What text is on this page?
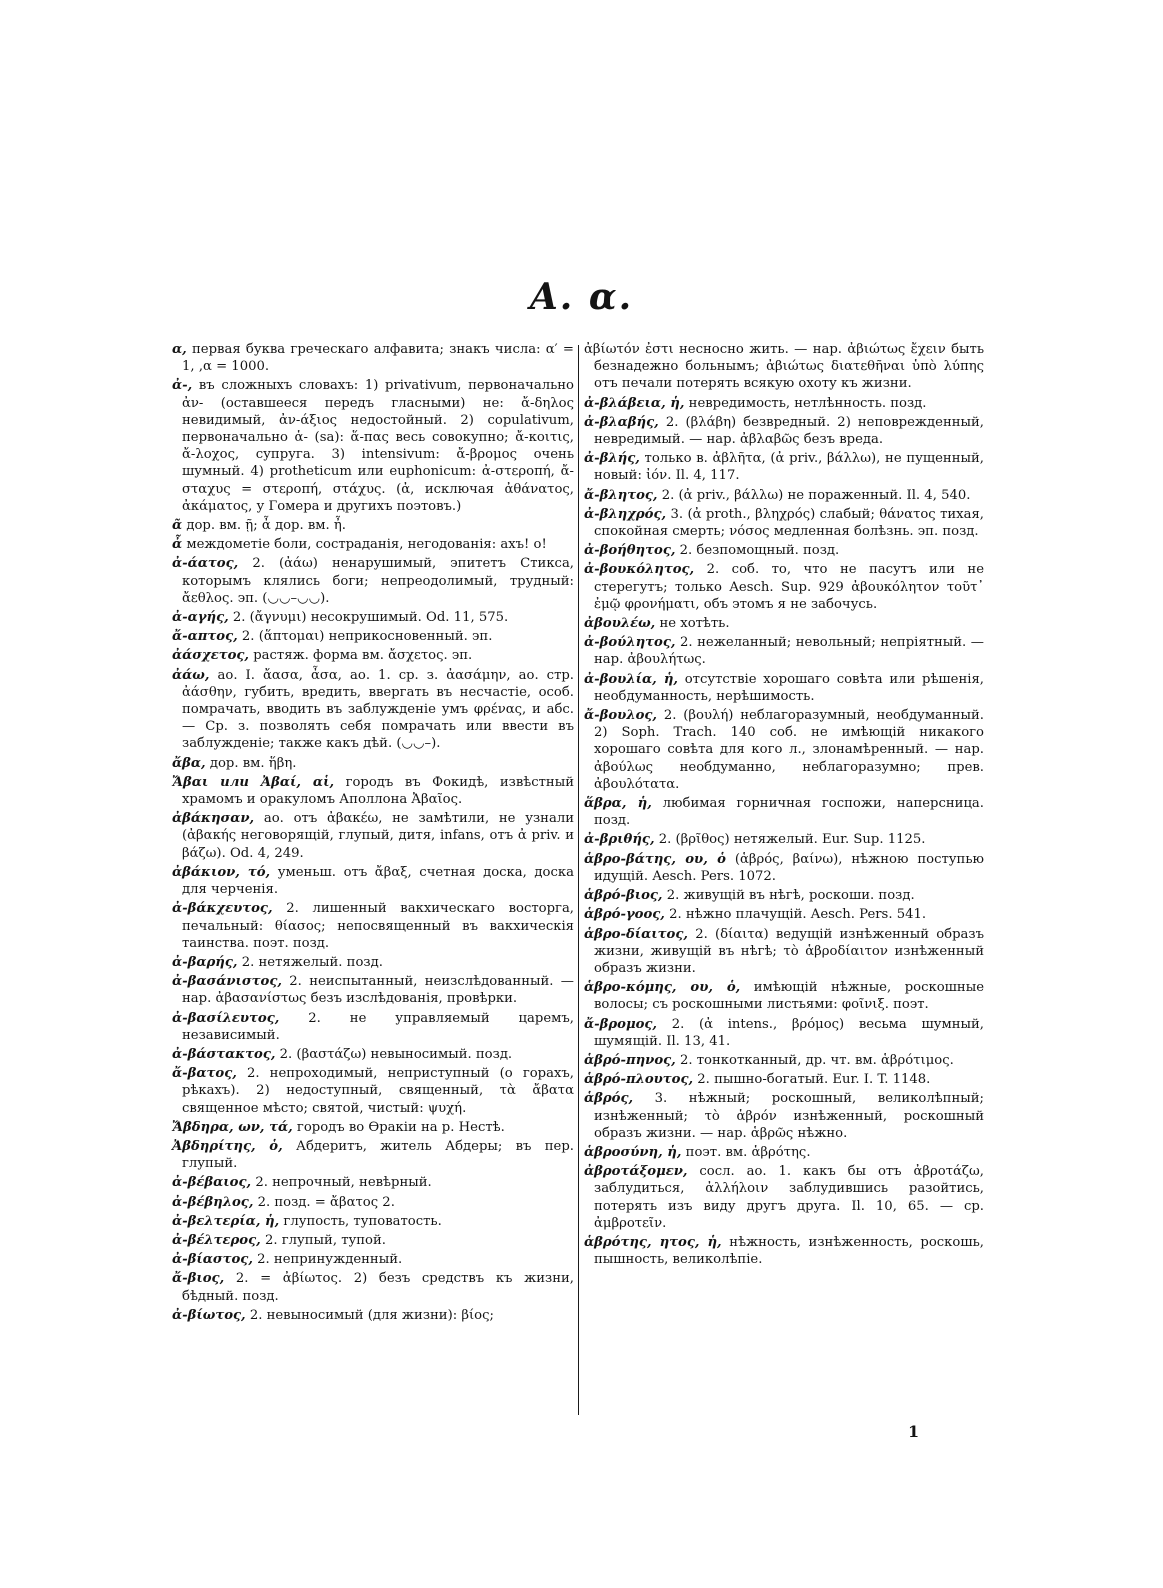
A. α.

α, первая буква греческаго алфавита; знакъ числа: α′ = 1, ‚α = 1000.

ἀ-, въ сложныхъ словахъ: 1) privativum, первоначально ἀν- (оставшееся передъ гласными) не: ἄ-δηλος невидимый, ἀν-άξιος недостойный. 2) copulativum, первоначально ἁ- (sa): ἅ-πας весь совокупно; ἄ-κοιτις, ἄ-λοχος, супруга. 3) intensivum: ἄ-βρομος очень шумный. 4) protheticum или euphonicum: ἀ-στεροπή, ἄ-σταχυς = στεροπή, στάχυς. (ἀ, исключая ἀθάνατος, ἀκάματος, у Гомера и другихъ поэтовъ.)

ᾶ дор. вм. ῇ; ἆ дор. вм. ἦ.

ἆ междометіе боли, состраданія, негодованія: ахъ! о!

ἀ-άατος, 2. (ἀάω) ненарушимый, эпитетъ Стикса, которымъ клялись боги; непреодолимый, трудный: ἄεθλος. эп. (◡◡–◡◡).

ἀ-αγής, 2. (ἄγνυμι) несокрушимый. Od. 11, 575.

ἄ-απτος, 2. (ἅπτομαι) неприкосновенный. эп.

ἀάσχετος, растяж. форма вм. ἄσχετος. эп.

ἀάω, ао. I. ἄασα, ἆσα, ао. 1. ср. з. ἀασάμην, ао. стр. ἀάσθην, губить, вредить, ввергать въ несчастіе, особ. помрачать, вводить въ заблужденіе умъ φρένας, и абс. — Ср. з. позволять себя помрачать или ввести въ заблужденіе; также какъ дѣй. (◡◡–).

ἄβα, дор. вм. ἥβη.

Ἄβαι или Ἀβαί, αἱ, городъ въ Фокидѣ, извѣстный храмомъ и оракуломъ Аполлона Ἀβαῖος.

ἀβάκησαν, ао. отъ ἀβακέω, не замѣтили, не узнали (ἀβακής неговорящій, глупый, дитя, infans, отъ ἀ priv. и βάζω). Od. 4, 249.

ἀβάκιον, τό, уменьш. отъ ἄβαξ, счетная доска, доска для черченія.

ἀ-βάκχευτος, 2. лишенный вакхическаго восторга, печальный: θίασος; непосвященный въ вакхическія таинства. поэт. позд.

ἀ-βαρής, 2. нетяжелый. позд.

ἀ-βασάνιστος, 2. неиспытанный, неизслѣдованный. — нар. ἀβασανίστως безъ изслѣдованія, провѣрки.

ἀ-βασίλευτος, 2. не управляемый царемъ, независимый.

ἀ-βάστακτος, 2. (βαστάζω) невыносимый. позд.

ἄ-βατος, 2. непроходимый, неприступный (о горахъ, рѣкахъ). 2) недоступный, священный, τὰ ἄβατα священное мѣсто; святой, чистый: ψυχή.

Ἄβδηρα, ων, τά, городъ во Ѳракіи на р. Нестѣ.

Ἀβδηρίτης, ὁ, Абдеритъ, житель Абдеры; въ пер. глупый.

ἀ-βέβαιος, 2. непрочный, невѣрный.

ἀ-βέβηλος, 2. позд. = ἄβατος 2.

ἀ-βελτερία, ἡ, глупость, туповатость.

ἀ-βέλτερος, 2. глупый, тупой.

ἀ-βίαστος, 2. непринужденный.

ἄ-βιος, 2. = ἀβίωτος. 2) безъ средствъ къ жизни, бѣдный. позд.

ἀ-βίωτος, 2. невыносимый (для жизни): βίος;

ἀβίωτόν ἐστι несносно жить. — нар. ἀβιώτως ἔχειν быть безнадежно больнымъ; ἀβιώτως διατεθῆναι ὑπὸ λύπης отъ печали потерять всякую охоту къ жизни.

ἀ-βλάβεια, ἡ, невредимость, нетлѣнность. позд.

ἀ-βλαβής, 2. (βλάβη) безвредный. 2) неповрежденный, невредимый. — нар. ἀβλαβῶς безъ вреда.

ἀ-βλής, только в. ἀβλῆτα, (ἀ priv., βάλλω), не пущенный, новый: ἰόν. Il. 4, 117.

ἄ-βλητος, 2. (ἀ priv., βάλλω) не пораженный. Il. 4, 540.

ἀ-βληχρός, 3. (ἀ proth., βληχρός) слабый; θάνατος тихая, спокойная смерть; νόσος медленная болѣзнь. эп. позд.

ἀ-βοήθητος, 2. безпомощный. позд.

ἀ-βουκόλητος, 2. соб. то, что не пасутъ или не стерегутъ; только Aesch. Sup. 929 ἀβουκόλητον τοῦτ᾽ ἐμῷ φρονήματι, объ этомъ я не забочусь.

ἀβουλέω, не хотѣть.

ἀ-βούλητος, 2. нежеланный; невольный; непріятный. — нар. ἀβουλήτως.

ἀ-βουλία, ἡ, отсутствіе хорошаго совѣта или рѣшенія, необдуманность, нерѣшимость.

ἄ-βουλος, 2. (βουλή) неблагоразумный, необдуманный. 2) Soph. Trach. 140 соб. не имѣющій никакого хорошаго совѣта для кого л., злонамѣренный. — нар. ἀβούλως необдуманно, неблагоразумно; прев. ἀβουλότατα.

ἅβρα, ἡ, любимая горничная госпожи, наперсница. позд.

ἀ-βριθής, 2. (βρῖθος) нетяжелый. Eur. Sup. 1125.

ἁβρο-βάτης, ου, ὁ (ἁβρός, βαίνω), нѣжною поступью идущій. Aesch. Pers. 1072.

ἁβρό-βιος, 2. живущій въ нѣгѣ, роскоши. позд.

ἁβρό-γοος, 2. нѣжно плачущій. Aesch. Pers. 541.

ἁβρο-δίαιτος, 2. (δίαιτα) ведущій изнѣженный образъ жизни, живущій въ нѣгѣ; τὸ ἁβροδίαιτον изнѣженный образъ жизни.

ἁβρο-κόμης, ου, ὁ, имѣющій нѣжные, роскошные волосы; съ роскошными листьями: φοῖνιξ. поэт.

ἄ-βρομος, 2. (ἀ intens., βρόμος) весьма шумный, шумящій. Il. 13, 41.

ἁβρό-πηνος, 2. тонкотканный, др. чт. вм. ἁβρότιμος.

ἁβρό-πλουτος, 2. пышно-богатый. Eur. I. T. 1148.

ἁβρός, 3. нѣжный; роскошный, великолѣпный; изнѣженный; τὸ ἁβρόν изнѣженный, роскошный образъ жизни. — нар. ἁβρῶς нѣжно.

ἁβροσύνη, ἡ, поэт. вм. ἁβρότης.

ἀβροτάξομεν, сосл. ао. 1. какъ бы отъ ἀβροτάζω, заблудиться, ἀλλήλοιν заблудившись разойтись, потерять изъ виду другъ друга. Il. 10, 65. — ср. ἀμβροτεῖν.

ἁβρότης, ητος, ἡ, нѣжность, изнѣженность, роскошь, пышность, великолѣпіе.

1
